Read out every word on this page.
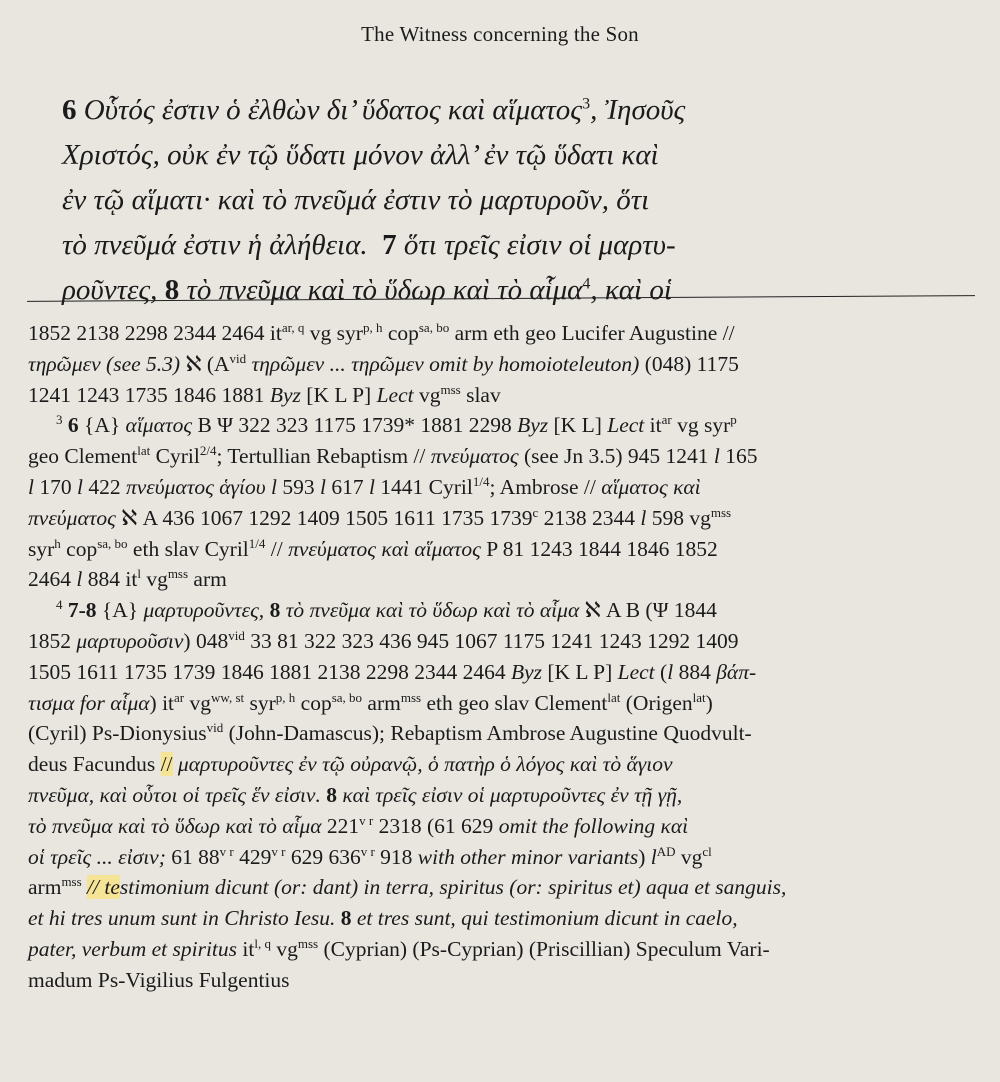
The Witness concerning the Son
6 Οὗτός ἐστιν ὁ ἐλθὼν δι’ ὕδατος καὶ αἵματος$^3$, Ἰησοῦς
Χριστός, οὐκ ἐν τῷ ὕδατι μόνον ἀλλ’ ἐν τῷ ὕδατι καὶ
ἐν τῷ αἵματι· καὶ τὸ πνεῦμά ἐστιν τὸ μαρτυροῦν, ὅτι
τὸ πνεῦμά ἐστιν ἡ ἀλήθεια. 7 ὅτι τρεῖς εἰσιν οἱ μαρτυ-
ροῦντες, 8 τὸ πνεῦμα καὶ τὸ ὕδωρ καὶ τὸ αἷμα$^4$, καὶ οἱ
1852 2138 2298 2344 2464 $it^{ar, q}$ vg syr$^{p, h}$ cop$^{sa, bo}$ arm eth geo Lucifer Augustine //
τηρῶμεν (see 5.3) ℵ ($A^{vid}$ τηρῶμεν ... τηρῶμεν omit by homoioteleuton) (048) 1175
1241 1243 1735 1846 1881 Byz [K L P] Lect $vg^{mss}$ slav
$^3$ 6 {A} αἵματος B Ψ 322 323 1175 1739* 1881 2298 Byz [K L] Lect $it^{ar}$ vg syr$^p$
geo Clement$^{lat}$ Cyril$^{2/4}$; Tertullian Rebaptism // πνεύματος (see Jn 3.5) 945 1241 l 165
l 170 l 422 πνεύματος ἁγίου l 593 l 617 l 1441 Cyril$^{1/4}$; Ambrose // αἵματος καὶ
πνεύματος ℵ A 436 1067 1292 1409 1505 1611 1735 1739$^c$ 2138 2344 l 598 $vg^{mss}$
syr$^h$ cop$^{sa, bo}$ eth slav Cyril$^{1/4}$ // πνεύματος καὶ αἵματος P 81 1243 1844 1846 1852
2464 l 884 $it^l$ $vg^{mss}$ arm
$^4$ 7-8 {A} μαρτυροῦντες, 8 τὸ πνεῦμα καὶ τὸ ὕδωρ καὶ τὸ αἷμα ℵ A B (Ψ 1844
1852 μαρτυροῦσιν) $048^{vid}$ 33 81 322 323 436 945 1067 1175 1241 1243 1292 1409
1505 1611 1735 1739 1846 1881 2138 2298 2344 2464 Byz [K L P] Lect (l 884 βάπ-
τισμα for αἷμα) $it^{ar}$ $vg^{ww, st}$ syr$^{p, h}$ cop$^{sa, bo}$ arm$^{mss}$ eth geo slav Clement$^{lat}$ (Origen$^{lat}$)
(Cyril) Ps-Dionysius$^{vid}$ (John-Damascus); Rebaptism Ambrose Augustine Quodvult-
deus Facundus // μαρτυροῦντες ἐν τῷ οὐρανῷ, ὁ πατὴρ ὁ λόγος καὶ τὸ ἅγιον
πνεῦμα, καὶ οὗτοι οἱ τρεῖς ἕν εἰσιν. 8 καὶ τρεῖς εἰσιν οἱ μαρτυροῦντες ἐν τῇ γῇ,
τὸ πνεῦμα καὶ τὸ ὕδωρ καὶ τὸ αἷμα $221^{v r}$ 2318 (61 629 omit the following καὶ
οἱ τρεῖς ... εἰσιν; 61 $88^{v r}$ $429^{v r}$ 629 $636^{v r}$ 918 with other minor variants) $l^{AD}$ $vg^{cl}$
arm$^{mss}$ // testimonium dicunt (or: dant) in terra, spiritus (or: spiritus et) aqua et sanguis,
et hi tres unum sunt in Christo Iesu. 8 et tres sunt, qui testimonium dicunt in caelo,
pater, verbum et spiritus it$^{l, q}$ $vg^{mss}$ (Cyprian) (Ps-Cyprian) (Priscillian) Speculum Vari-
madum Ps-Vigilius Fulgentius
